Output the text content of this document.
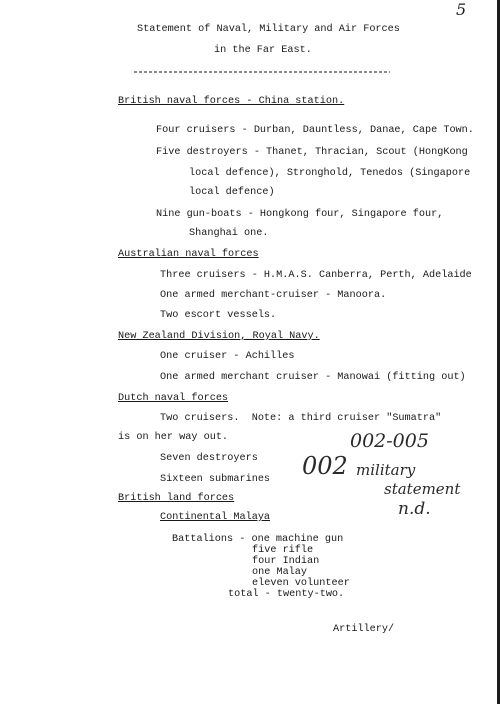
5
Statement of Naval, Military and Air Forces
in the Far East.
British naval forces - China station.
Four cruisers - Durban, Dauntless, Danae, Cape Town.
Five destroyers - Thanet, Thracian, Scout (HongKong
local defence), Stronghold, Tenedos (Singapore
local defence)
Nine gun-boats - Hongkong four, Singapore four,
Shanghai one.
Australian naval forces
Three cruisers - H.M.A.S. Canberra, Perth, Adelaide
One armed merchant-cruiser - Manoora.
Two escort vessels.
New Zealand Division, Royal Navy.
One cruiser - Achilles
One armed merchant cruiser - Manowai (fitting out)
Dutch naval forces
Two cruisers.  Note: a third cruiser "Sumatra"
is on her way out.
Seven destroyers
Sixteen submarines
British land forces
Continental Malaya
Battalions - one machine gun
five rifle
four Indian
one Malay
eleven volunteer
total - twenty-two.
Artillery/
002-005
002 military
statement
n.d.
